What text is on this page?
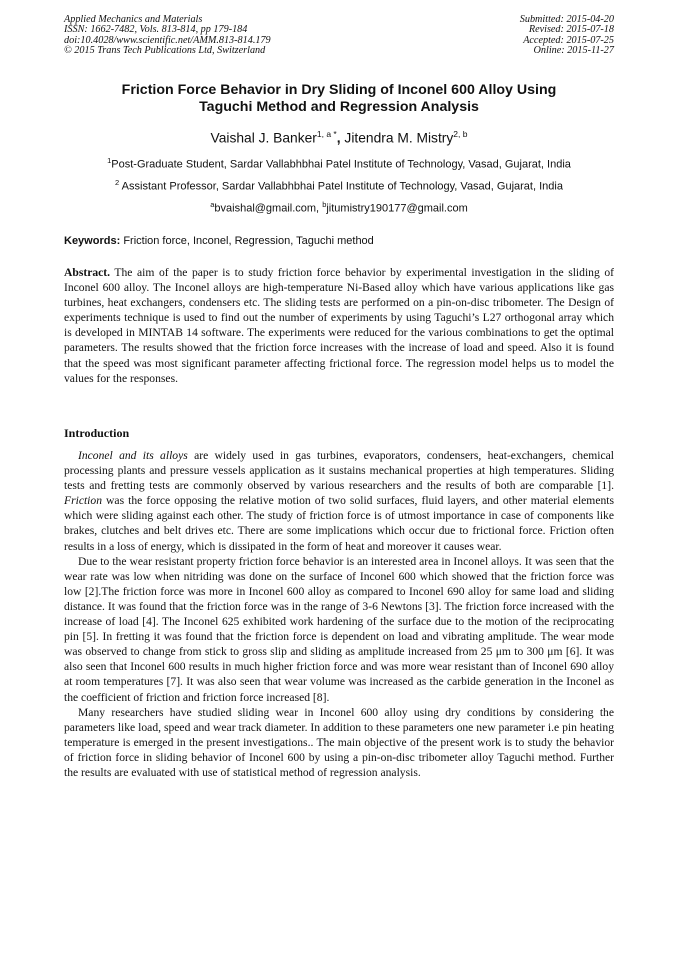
Applied Mechanics and Materials
ISSN: 1662-7482, Vols. 813-814, pp 179-184
doi:10.4028/www.scientific.net/AMM.813-814.179
© 2015 Trans Tech Publications Ltd, Switzerland
Submitted: 2015-04-20
Revised: 2015-07-18
Accepted: 2015-07-25
Online: 2015-11-27
Friction Force Behavior in Dry Sliding of Inconel 600 Alloy Using
Taguchi Method and Regression Analysis
Vaishal J. Banker$^{1, a *}$, Jitendra M. Mistry$^{2, b}$
$^1$Post-Graduate Student, Sardar Vallabhbhai Patel Institute of Technology, Vasad, Gujarat, India
$^2$ Assistant Professor, Sardar Vallabhbhai Patel Institute of Technology, Vasad, Gujarat, India
$^a$bvaishal@gmail.com, $^b$jitumistry190177@gmail.com
Keywords: Friction force, Inconel, Regression, Taguchi method
Abstract. The aim of the paper is to study friction force behavior by experimental investigation in the sliding of Inconel 600 alloy. The Inconel alloys are high-temperature Ni-Based alloy which have various applications like gas turbines, heat exchangers, condensers etc. The sliding tests are performed on a pin-on-disc tribometer. The Design of experiments technique is used to find out the number of experiments by using Taguchi’s L27 orthogonal array which is developed in MINTAB 14 software. The experiments were reduced for the various combinations to get the optimal parameters. The results showed that the friction force increases with the increase of load and speed. Also it is found that the speed was most significant parameter affecting frictional force. The regression model helps us to model the values for the responses.
Introduction

Inconel and its alloys are widely used in gas turbines, evaporators, condensers, heat-exchangers, chemical processing plants and pressure vessels application as it sustains mechanical properties at high temperatures. Sliding tests and fretting tests are commonly observed by various researchers and the results of both are comparable [1]. Friction was the force opposing the relative motion of two solid surfaces, fluid layers, and other material elements which were sliding against each other. The study of friction force is of utmost importance in case of components like brakes, clutches and belt drives etc. There are some implications which occur due to frictional force. Friction often results in a loss of energy, which is dissipated in the form of heat and moreover it causes wear.

Due to the wear resistant property friction force behavior is an interested area in Inconel alloys. It was seen that the wear rate was low when nitriding was done on the surface of Inconel 600 which showed that the friction force was low [2].The friction force was more in Inconel 600 alloy as compared to Inconel 690 alloy for same load and sliding distance. It was found that the friction force was in the range of 3-6 Newtons [3]. The friction force increased with the increase of load [4]. The Inconel 625 exhibited work hardening of the surface due to the motion of the reciprocating pin [5]. In fretting it was found that the friction force is dependent on load and vibrating amplitude. The wear mode was observed to change from stick to gross slip and sliding as amplitude increased from 25 μm to 300 μm [6]. It was also seen that Inconel 600 results in much higher friction force and was more wear resistant than of Inconel 690 alloy at room temperatures [7]. It was also seen that wear volume was increased as the carbide generation in the Inconel as the coefficient of friction and friction force increased [8].

Many researchers have studied sliding wear in Inconel 600 alloy using dry conditions by considering the parameters like load, speed and wear track diameter. In addition to these parameters one new parameter i.e pin heating temperature is emerged in the present investigations.. The main objective of the present work is to study the behavior of friction force in sliding behavior of Inconel 600 by using a pin-on-disc tribometer alloy Taguchi method. Further the results are evaluated with use of statistical method of regression analysis.
